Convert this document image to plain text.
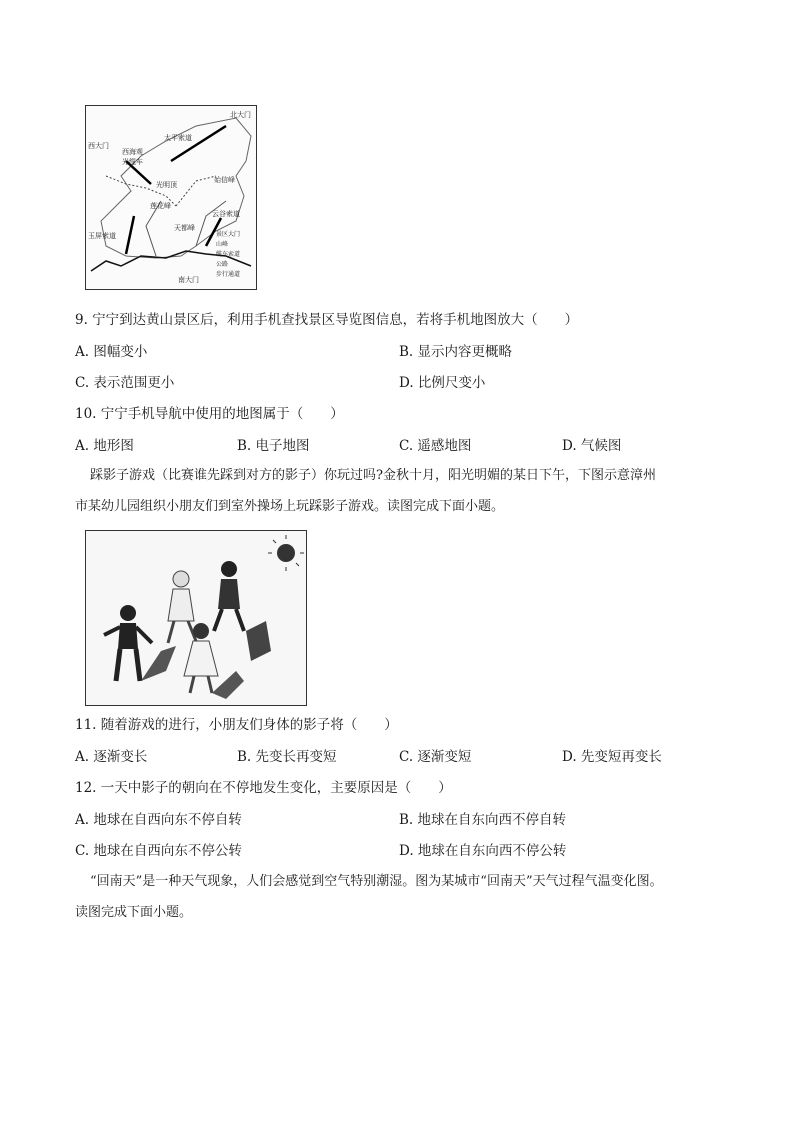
北大门
西大门
南大门
太平索道
西海观
光缆车
光明顶
始信峰
莲花峰
云谷索道
天都峰
玉屏索道	景区大门
山峰
缆车索道
公路
步行通道
9. 宁宁到达黄山景区后，利用手机查找景区导览图信息，若将手机地图放大（　　）
A. 图幅变小	B. 显示内容更概略
C. 表示范围更小	D. 比例尺变小
10. 宁宁手机导航中使用的地图属于（　　）
A. 地形图	B. 电子地图	C. 遥感地图	D. 气候图
踩影子游戏（比赛谁先踩到对方的影子）你玩过吗?金秋十月，阳光明媚的某日下午，下图示意漳州
市某幼儿园组织小朋友们到室外操场上玩踩影子游戏。读图完成下面小题。
11. 随着游戏的进行，小朋友们身体的影子将（　　）
A. 逐渐变长	B. 先变长再变短	C. 逐渐变短	D. 先变短再变长
12. 一天中影子的朝向在不停地发生变化，主要原因是（　　）
A. 地球在自西向东不停自转	B. 地球在自东向西不停自转
C. 地球在自西向东不停公转	D. 地球在自东向西不停公转
“回南天”是一种天气现象，人们会感觉到空气特别潮湿。图为某城市“回南天”天气过程气温变化图。
读图完成下面小题。
